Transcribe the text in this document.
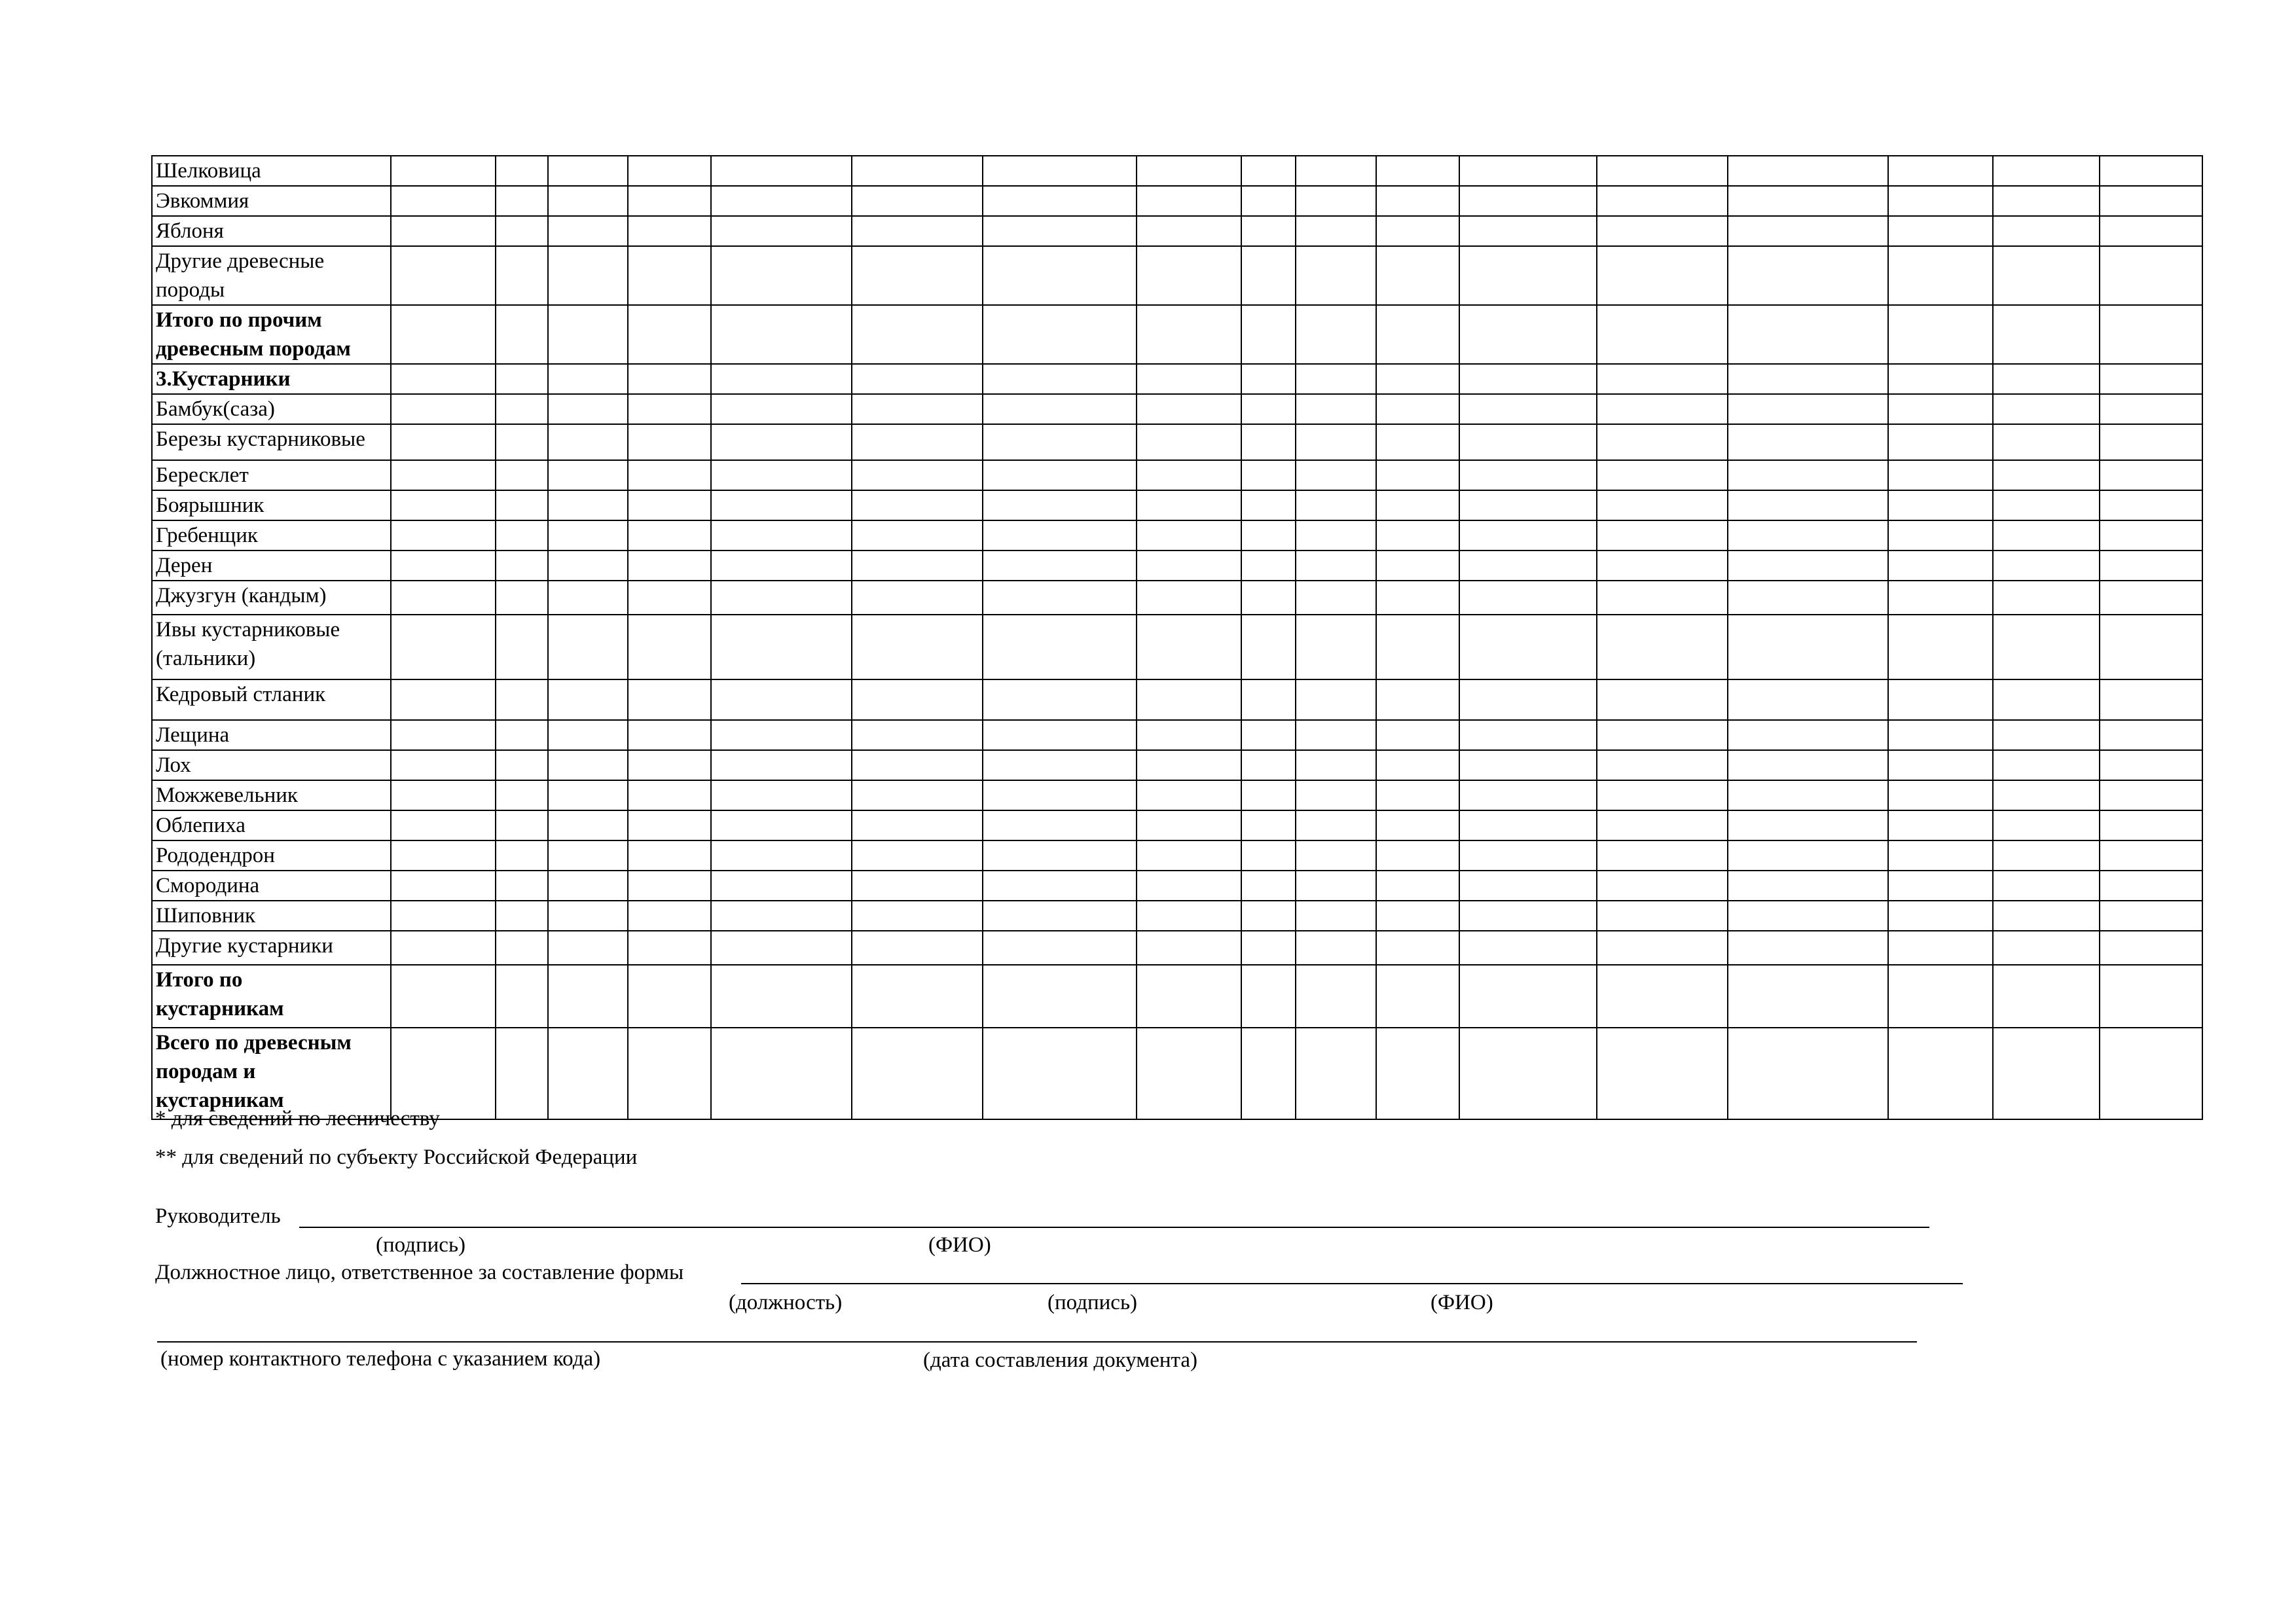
Шелковица																	
Эвкоммия																	
Яблоня																	
Другие древесные
породы																	
Итого по прочим
древесным породам																	
3.Кустарники																	
Бамбук(саза)																	
Березы кустарниковые																	
Бересклет																	
Боярышник																	
Гребенщик																	
Дерен																	
Джузгун (кандым)																	
Ивы кустарниковые
(тальники)																	
Кедровый стланик																	
Лещина																	
Лох																	
Можжевельник																	
Облепиха																	
Рододендрон																	
Смородина																	
Шиповник																	
Другие кустарники																	
Итого по
кустарникам																	
Всего по древесным
породам и
кустарникам																	
* для сведений по лесничеству
** для сведений по субъекту Российской Федерации
Руководитель
(подпись)	(ФИО)
Должностное лицо, ответственное за составление формы
(должность)	(подпись)	(ФИО)
(номер контактного телефона с указанием кода)	(дата составления документа)
